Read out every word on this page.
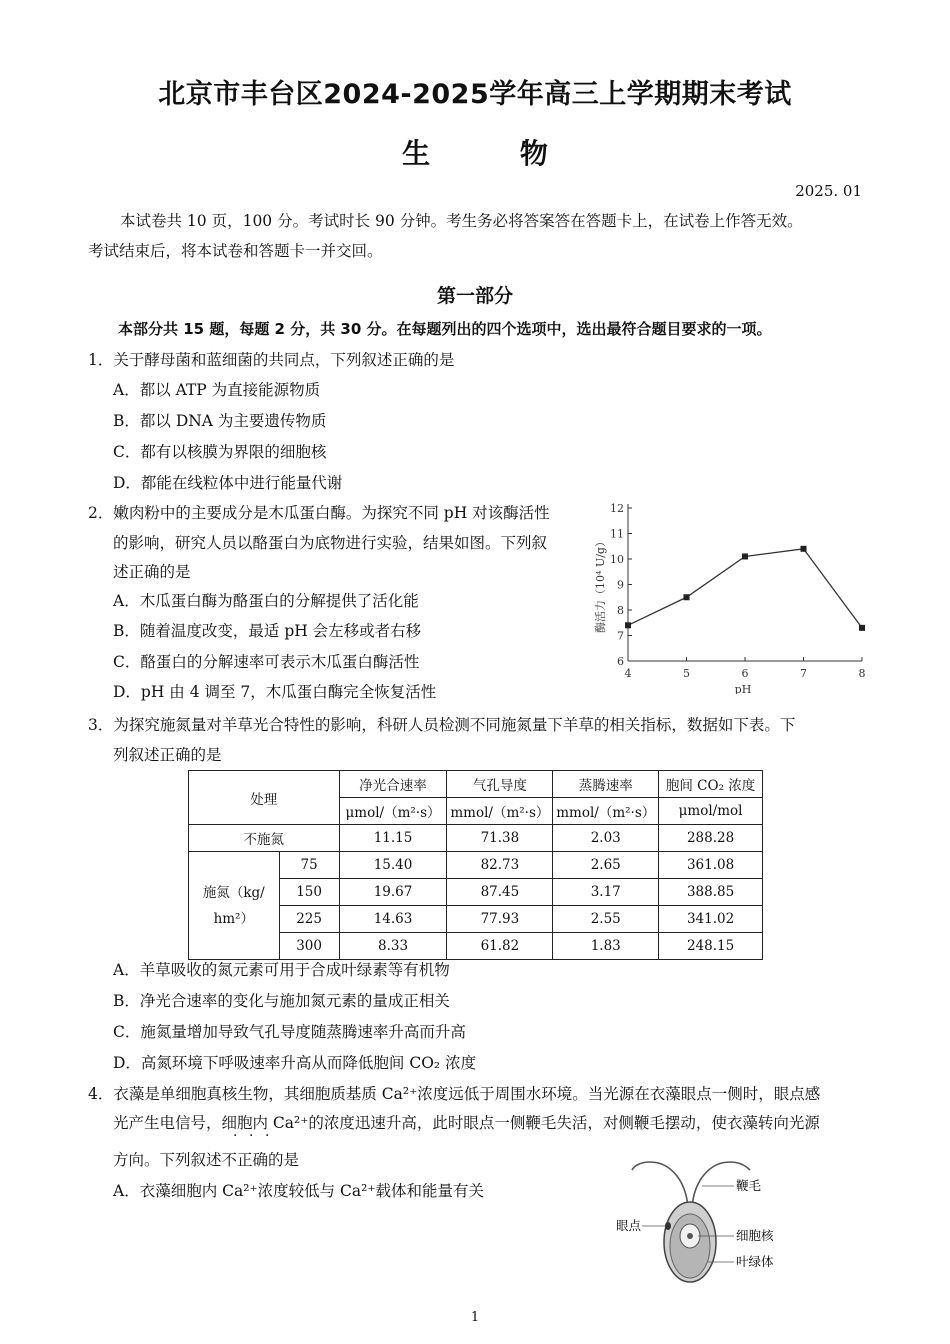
北京市丰台区2024-2025学年高三上学期期末考试
生 物
2025. 01
本试卷共 10 页，100 分。考试时长 90 分钟。考生务必将答案答在答题卡上，在试卷上作答无效。
考试结束后，将本试卷和答题卡一并交回。
第一部分
本部分共 15 题，每题 2 分，共 30 分。在每题列出的四个选项中，选出最符合题目要求的一项。
1．关于酵母菌和蓝细菌的共同点，下列叙述正确的是
A．都以 ATP 为直接能源物质
B．都以 DNA 为主要遗传物质
C．都有以核膜为界限的细胞核
D．都能在线粒体中进行能量代谢
2．嫩肉粉中的主要成分是木瓜蛋白酶。为探究不同 pH 对该酶活性
的影响，研究人员以酪蛋白为底物进行实验，结果如图。下列叙
述正确的是
A．木瓜蛋白酶为酪蛋白的分解提供了活化能
B．随着温度改变，最适 pH 会左移或者右移
C．酪蛋白的分解速率可表示木瓜蛋白酶活性
D．pH 由 4 调至 7，木瓜蛋白酶完全恢复活性
6
7
8
9
10
11
12
4	5	6	7	8
pH
酶活力（10⁴ U/g）
3．为探究施氮量对羊草光合特性的影响，科研人员检测不同施氮量下羊草的相关指标，数据如下表。下
列叙述正确的是
处理		净光合速率	气孔导度	蒸腾速率	胞间 CO₂ 浓度
		μmol/（m²·s）	mmol/（m²·s）	mmol/（m²·s）	μmol/mol
不施氮		11.15	71.38	2.03	288.28

施氮（kg/
hm²）	75	15.40	82.73	2.65	361.08
	150	19.67	87.45	3.17	388.85
	225	14.63	77.93	2.55	341.02
	300	8.33	61.82	1.83	248.15
A．羊草吸收的氮元素可用于合成叶绿素等有机物
B．净光合速率的变化与施加氮元素的量成正相关
C．施氮量增加导致气孔导度随蒸腾速率升高而升高
D．高氮环境下呼吸速率升高从而降低胞间 CO₂ 浓度
4．衣藻是单细胞真核生物，其细胞质基质 Ca²⁺浓度远低于周围水环境。当光源在衣藻眼点一侧时，眼点感
光产生电信号，细胞内 Ca²⁺的浓度迅速升高，此时眼点一侧鞭毛失活，对侧鞭毛摆动，使衣藻转向光源
方向。下列叙述不正确的是
· · ·
A．衣藻细胞内 Ca²⁺浓度较低与 Ca²⁺载体和能量有关
眼点
鞭毛
细胞核
叶绿体
1
